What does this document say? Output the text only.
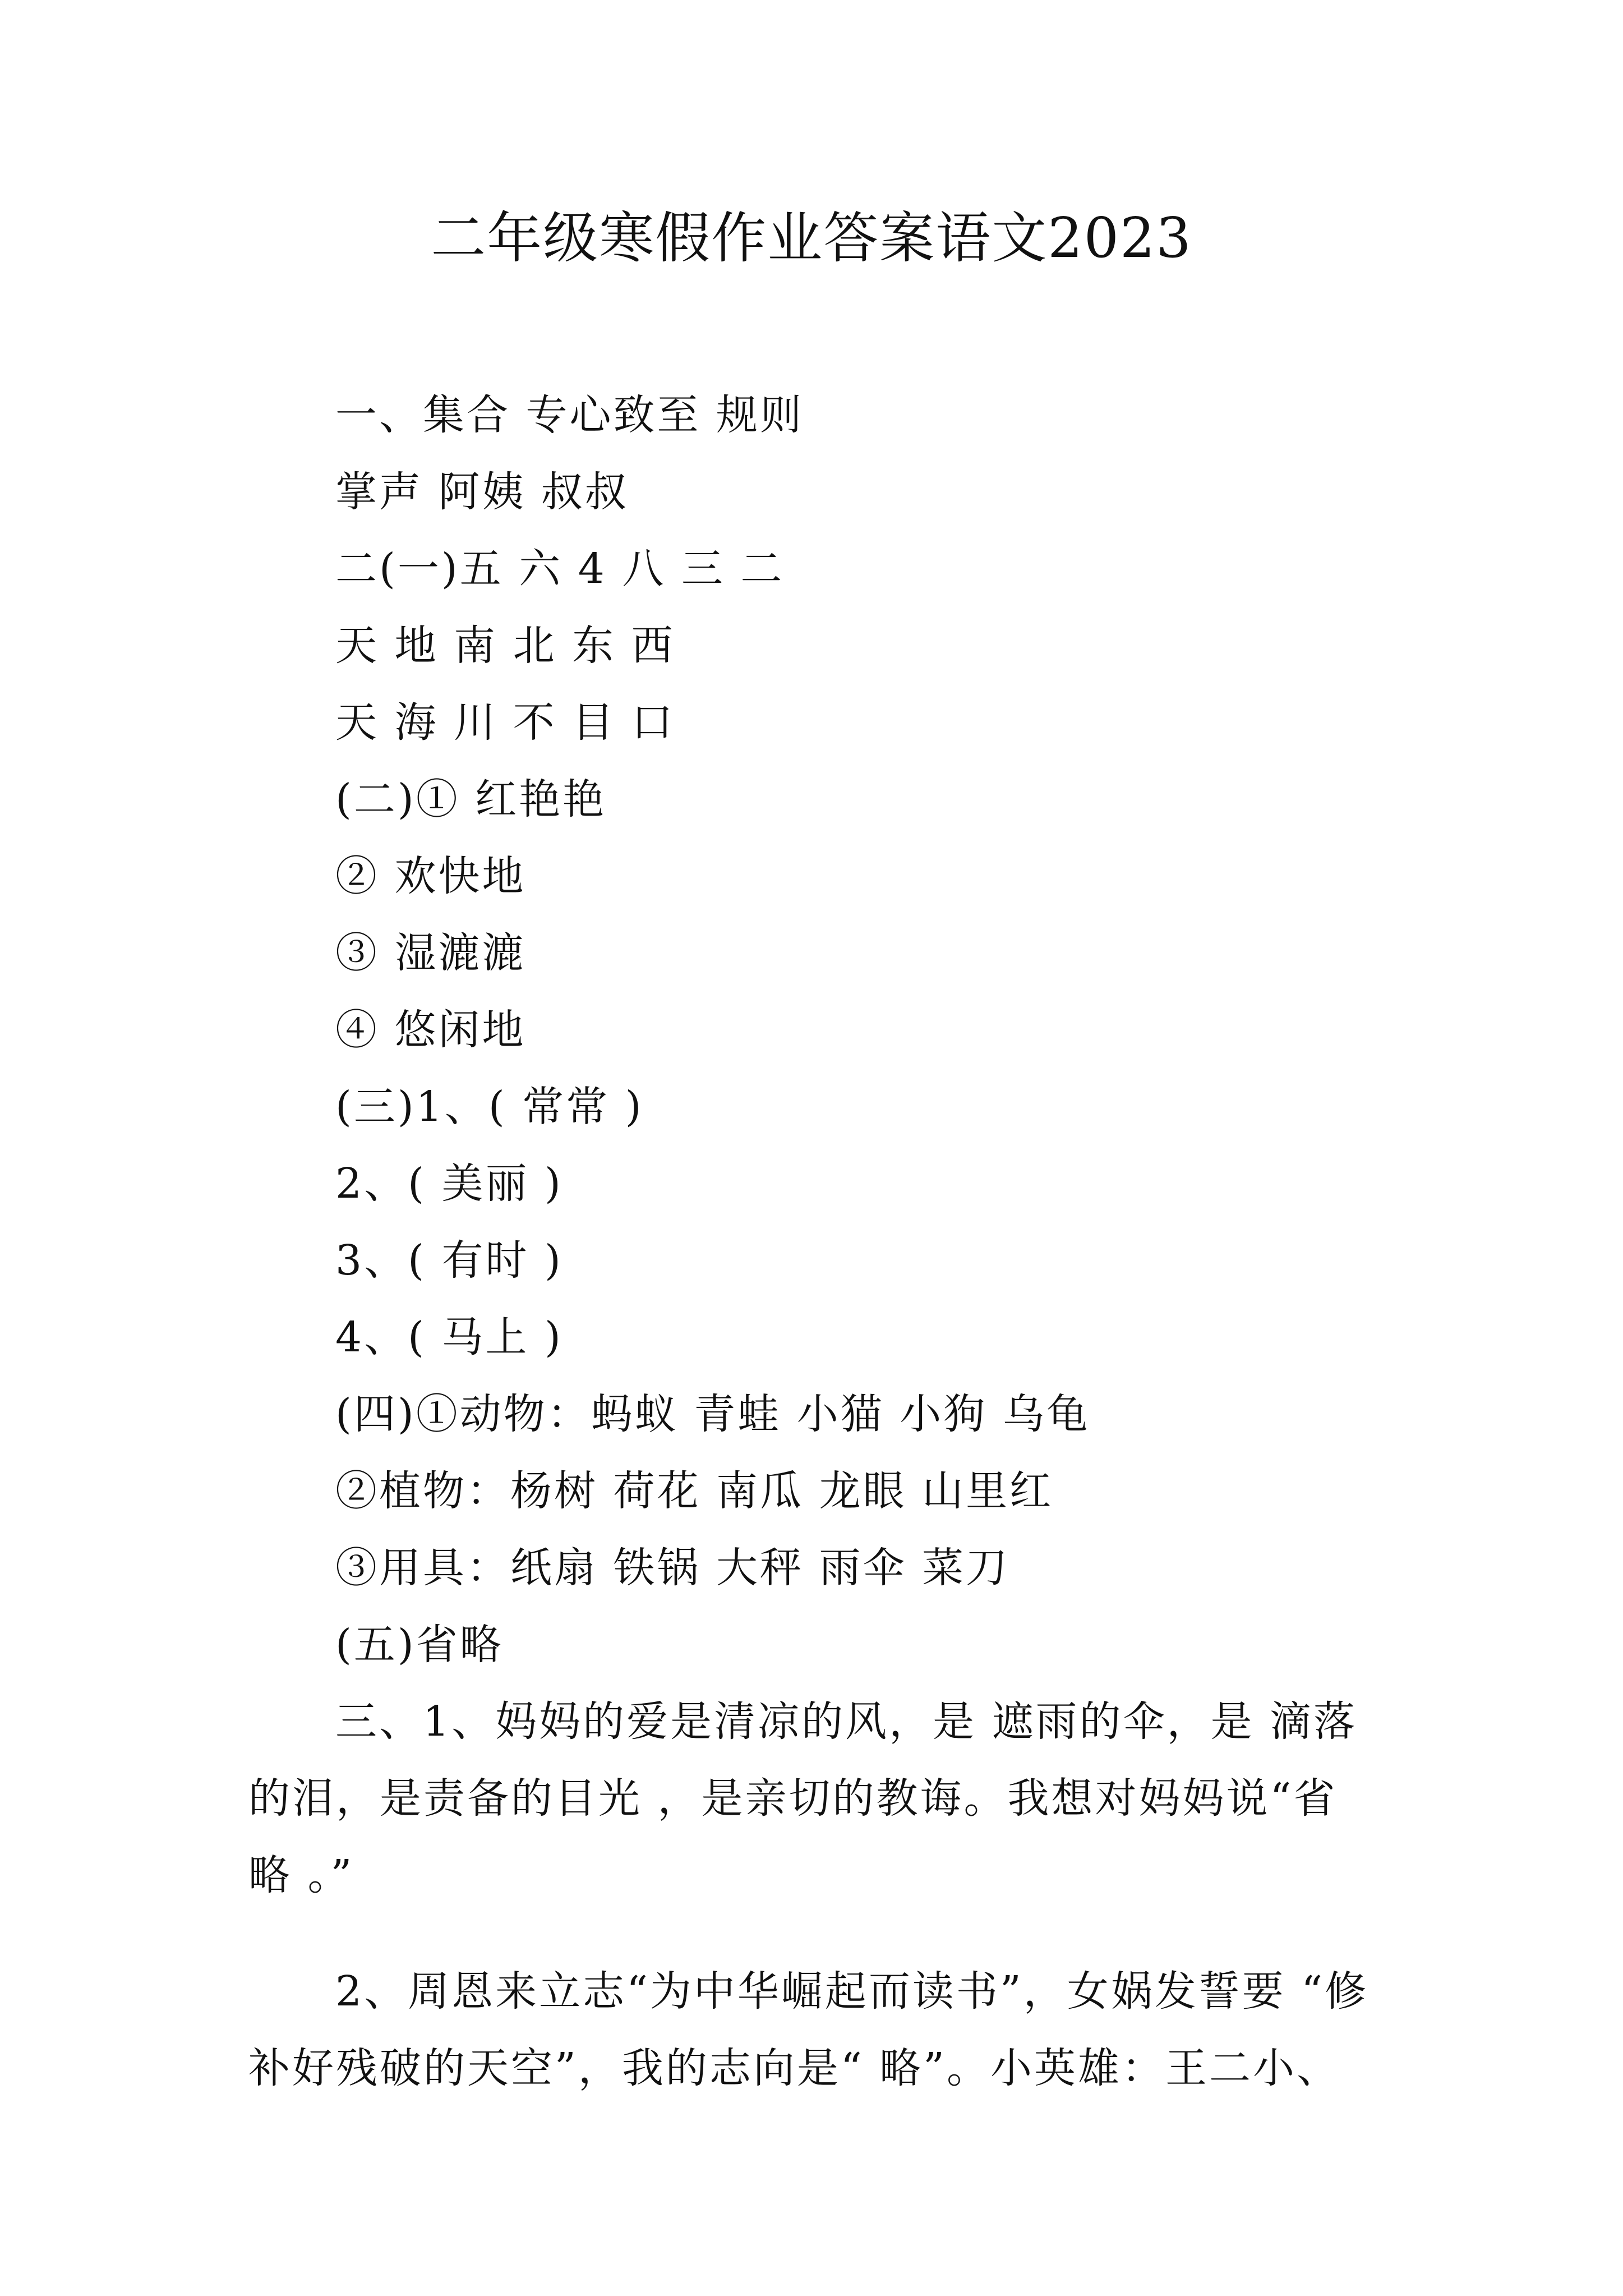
二年级寒假作业答案语文2023
一、集合 专心致至 规则
掌声 阿姨 叔叔
二(一)五 六 4 八 三 二
天 地 南 北 东 西
天 海 川 不 目 口
(二)① 红艳艳
② 欢快地
③ 湿漉漉
④ 悠闲地
(三)1、( 常常 )
2、( 美丽 )
3、( 有时 )
4、( 马上 )
(四)①动物：蚂蚁 青蛙 小猫 小狗 乌龟
②植物：杨树 荷花 南瓜 龙眼 山里红
③用具：纸扇 铁锅 大秤 雨伞 菜刀
(五)省略
三、1、妈妈的爱是清凉的风，是 遮雨的伞，是 滴落
的泪，是责备的目光 ，是亲切的教诲。我想对妈妈说“省
略 。”
2、周恩来立志“为中华崛起而读书”，女娲发誓要 “修
补好残破的天空”，我的志向是“ 略”。小英雄：王二小、
